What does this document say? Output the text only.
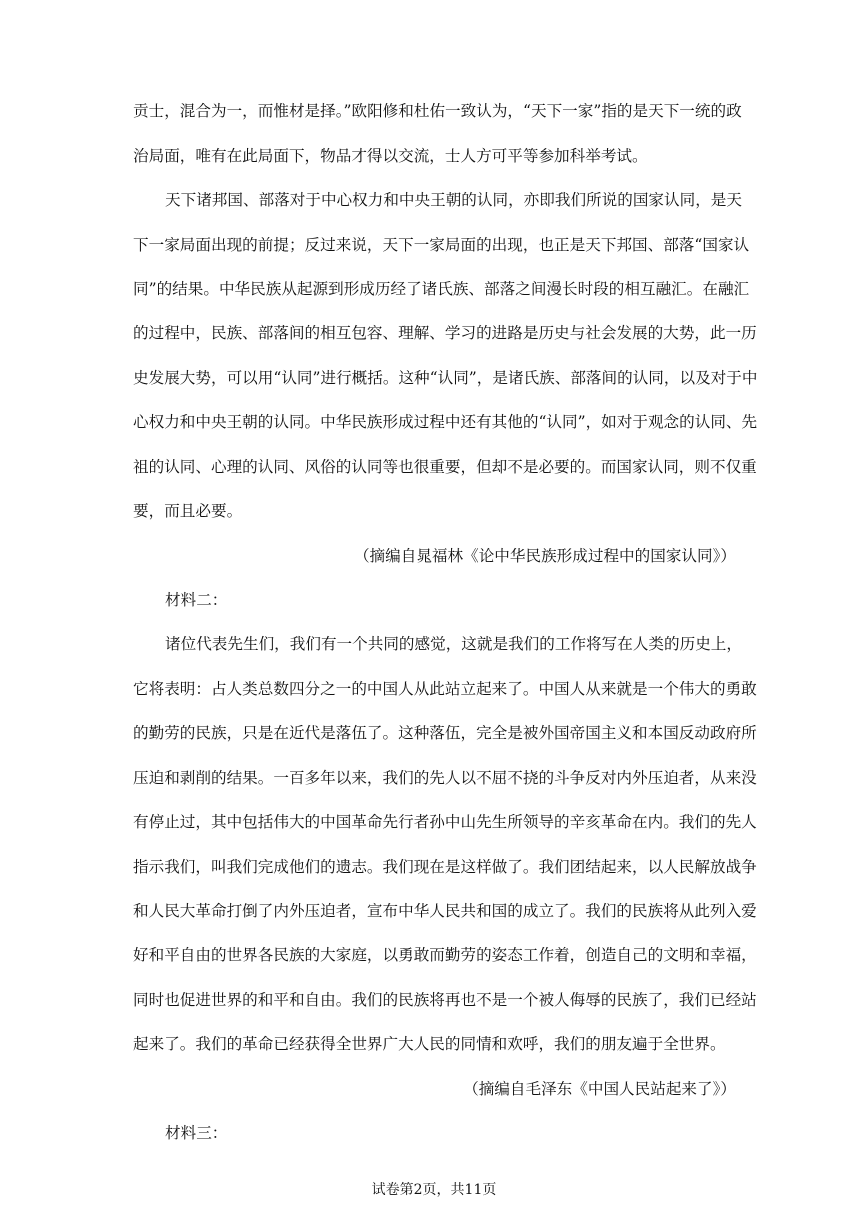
贡士，混合为一，而惟材是择。”欧阳修和杜佑一致认为，“天下一家”指的是天下一统的政
治局面，唯有在此局面下，物品才得以交流，士人方可平等参加科举考试。
天下诸邦国、部落对于中心权力和中央王朝的认同，亦即我们所说的国家认同，是天
下一家局面出现的前提；反过来说，天下一家局面的出现，也正是天下邦国、部落“国家认
同”的结果。中华民族从起源到形成历经了诸氏族、部落之间漫长时段的相互融汇。在融汇
的过程中，民族、部落间的相互包容、理解、学习的进路是历史与社会发展的大势，此一历
史发展大势，可以用“认同”进行概括。这种“认同”，是诸氏族、部落间的认同，以及对于中
心权力和中央王朝的认同。中华民族形成过程中还有其他的“认同”，如对于观念的认同、先
祖的认同、心理的认同、风俗的认同等也很重要，但却不是必要的。而国家认同，则不仅重
要，而且必要。
（摘编自晁福林《论中华民族形成过程中的国家认同》）
材料二：
诸位代表先生们，我们有一个共同的感觉，这就是我们的工作将写在人类的历史上，
它将表明：占人类总数四分之一的中国人从此站立起来了。中国人从来就是一个伟大的勇敢
的勤劳的民族，只是在近代是落伍了。这种落伍，完全是被外国帝国主义和本国反动政府所
压迫和剥削的结果。一百多年以来，我们的先人以不屈不挠的斗争反对内外压迫者，从来没
有停止过，其中包括伟大的中国革命先行者孙中山先生所领导的辛亥革命在内。我们的先人
指示我们，叫我们完成他们的遗志。我们现在是这样做了。我们团结起来，以人民解放战争
和人民大革命打倒了内外压迫者，宣布中华人民共和国的成立了。我们的民族将从此列入爱
好和平自由的世界各民族的大家庭，以勇敢而勤劳的姿态工作着，创造自己的文明和幸福，
同时也促进世界的和平和自由。我们的民族将再也不是一个被人侮辱的民族了，我们已经站
起来了。我们的革命已经获得全世界广大人民的同情和欢呼，我们的朋友遍于全世界。
（摘编自毛泽东《中国人民站起来了》）
材料三：
试卷第2页，共11页
